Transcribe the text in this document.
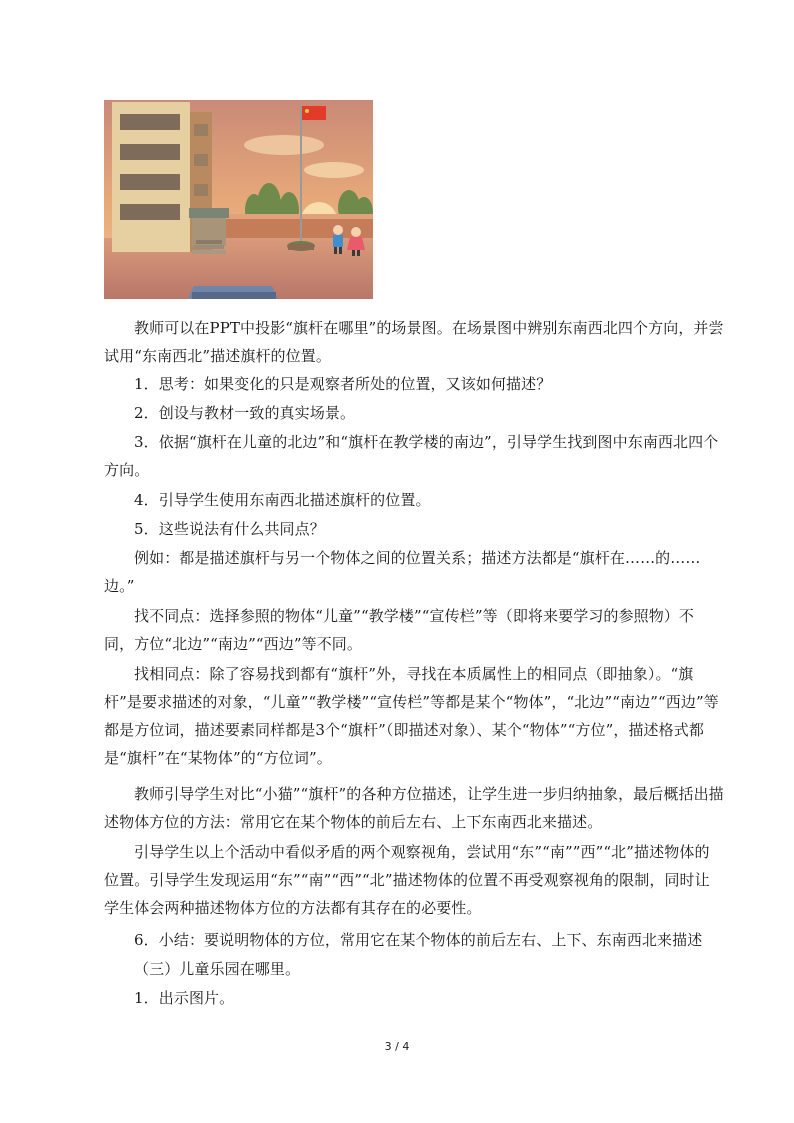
教师可以在PPT中投影“旗杆在哪里”的场景图。在场景图中辨别东南西北四个方向，并尝试用“东南西北”描述旗杆的位置。

1．思考：如果变化的只是观察者所处的位置，又该如何描述？

2．创设与教材一致的真实场景。

3．依据“旗杆在儿童的北边”和“旗杆在教学楼的南边”，引导学生找到图中东南西北四个方向。

4．引导学生使用东南西北描述旗杆的位置。

5．这些说法有什么共同点？

例如：都是描述旗杆与另一个物体之间的位置关系；描述方法都是“旗杆在……的……边。”

找不同点：选择参照的物体“儿童”“教学楼”“宣传栏”等（即将来要学习的参照物）不同，方位“北边”“南边”“西边”等不同。

找相同点：除了容易找到都有“旗杆”外，寻找在本质属性上的相同点（即抽象）。“旗杆”是要求描述的对象，“儿童”“教学楼”“宣传栏”等都是某个“物体”，“北边”“南边”“西边”等都是方位词，描述要素同样都是3个“旗杆”（即描述对象）、某个“物体”“方位”，描述格式都是“旗杆”在“某物体”的“方位词”。

教师引导学生对比“小猫”“旗杆”的各种方位描述，让学生进一步归纳抽象，最后概括出描述物体方位的方法：常用它在某个物体的前后左右、上下东南西北来描述。

引导学生以上个活动中看似矛盾的两个观察视角，尝试用“东”“南””西”“北”描述物体的位置。引导学生发现运用“东”“南”“西”“北”描述物体的位置不再受观察视角的限制，同时让学生体会两种描述物体方位的方法都有其存在的必要性。

6．小结：要说明物体的方位，常用它在某个物体的前后左右、上下、东南西北来描述

（三）儿童乐园在哪里。

1．出示图片。

3 / 4
